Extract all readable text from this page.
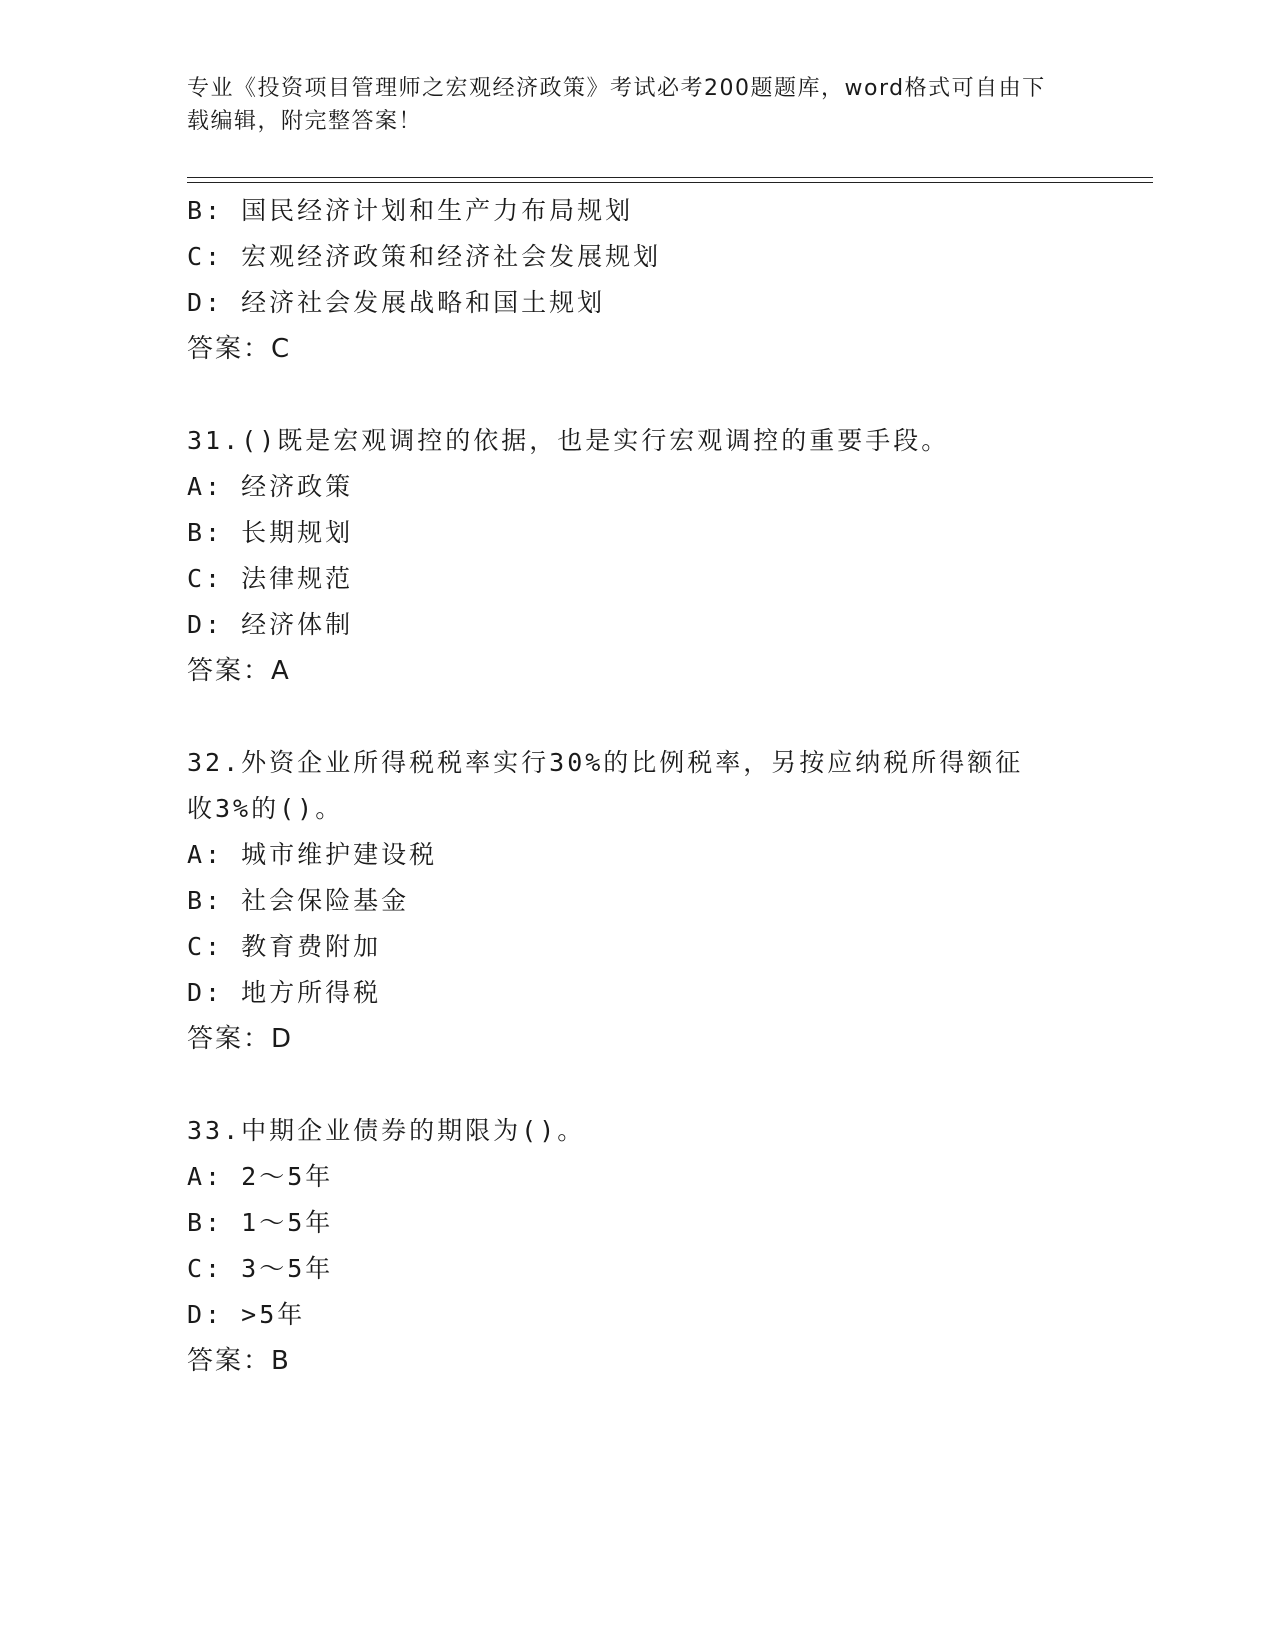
专业《投资项目管理师之宏观经济政策》考试必考200题题库，word格式可自由下载编辑，附完整答案！
B: 国民经济计划和生产力布局规划
C: 宏观经济政策和经济社会发展规划
D: 经济社会发展战略和国土规划
答案：C
31.()既是宏观调控的依据，也是实行宏观调控的重要手段。
A: 经济政策
B: 长期规划
C: 法律规范
D: 经济体制
答案：A
32.外资企业所得税税率实行30%的比例税率，另按应纳税所得额征收3%的()。
A: 城市维护建设税
B: 社会保险基金
C: 教育费附加
D: 地方所得税
答案：D
33.中期企业债券的期限为()。
A: 2～5年
B: 1～5年
C: 3～5年
D: >5年
答案：B
